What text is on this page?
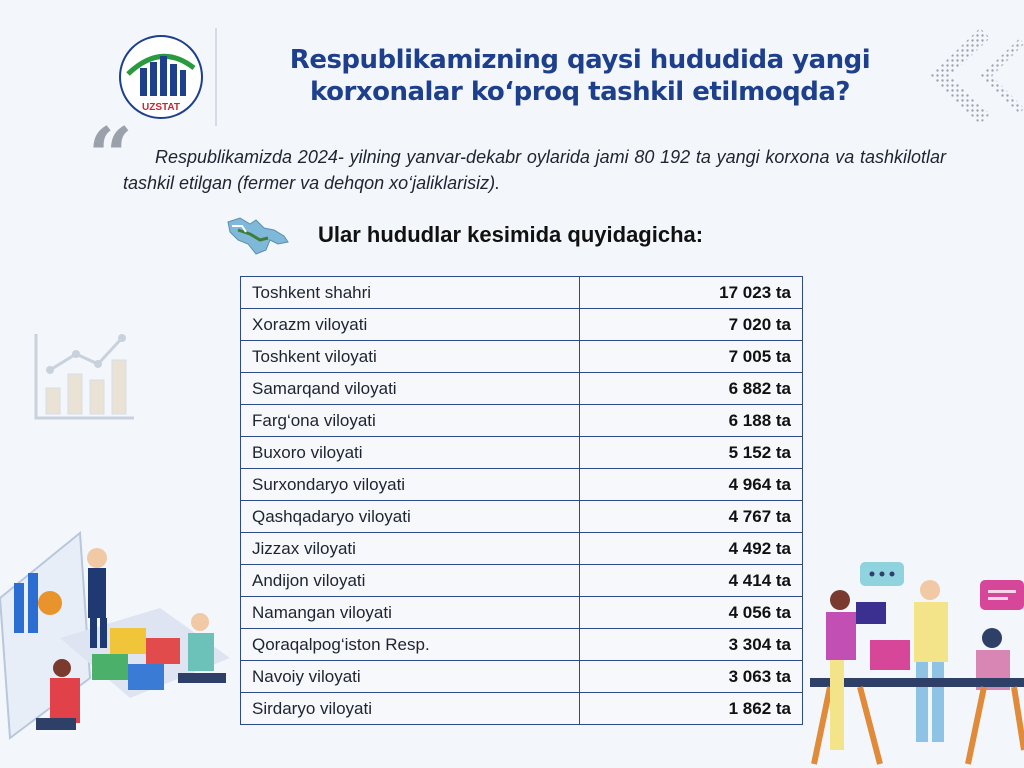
UZSTAT
Respublikamizning qaysi hududida yangi korxonalar ko‘proq tashkil etilmoqda?
“	Respublikamizda 2024- yilning yanvar-dekabr oylarida jami 80 192 ta yangi korxona va tashkilotlar tashkil etilgan (fermer va dehqon xo‘jaliklarisiz).
Ular hududlar kesimida quyidagicha:
Toshkent shahri	17 023 ta
Xorazm viloyati	7 020 ta
Toshkent viloyati	7 005 ta
Samarqand viloyati	6 882 ta
Farg‘ona viloyati	6 188 ta
Buxoro viloyati	5 152 ta
Surxondaryo viloyati	4 964 ta
Qashqadaryo viloyati	4 767 ta
Jizzax viloyati	4 492 ta
Andijon viloyati	4 414 ta
Namangan viloyati	4 056 ta
Qoraqalpog‘iston Resp.	3 304 ta
Navoiy viloyati	3 063 ta
Sirdaryo viloyati	1 862 ta
